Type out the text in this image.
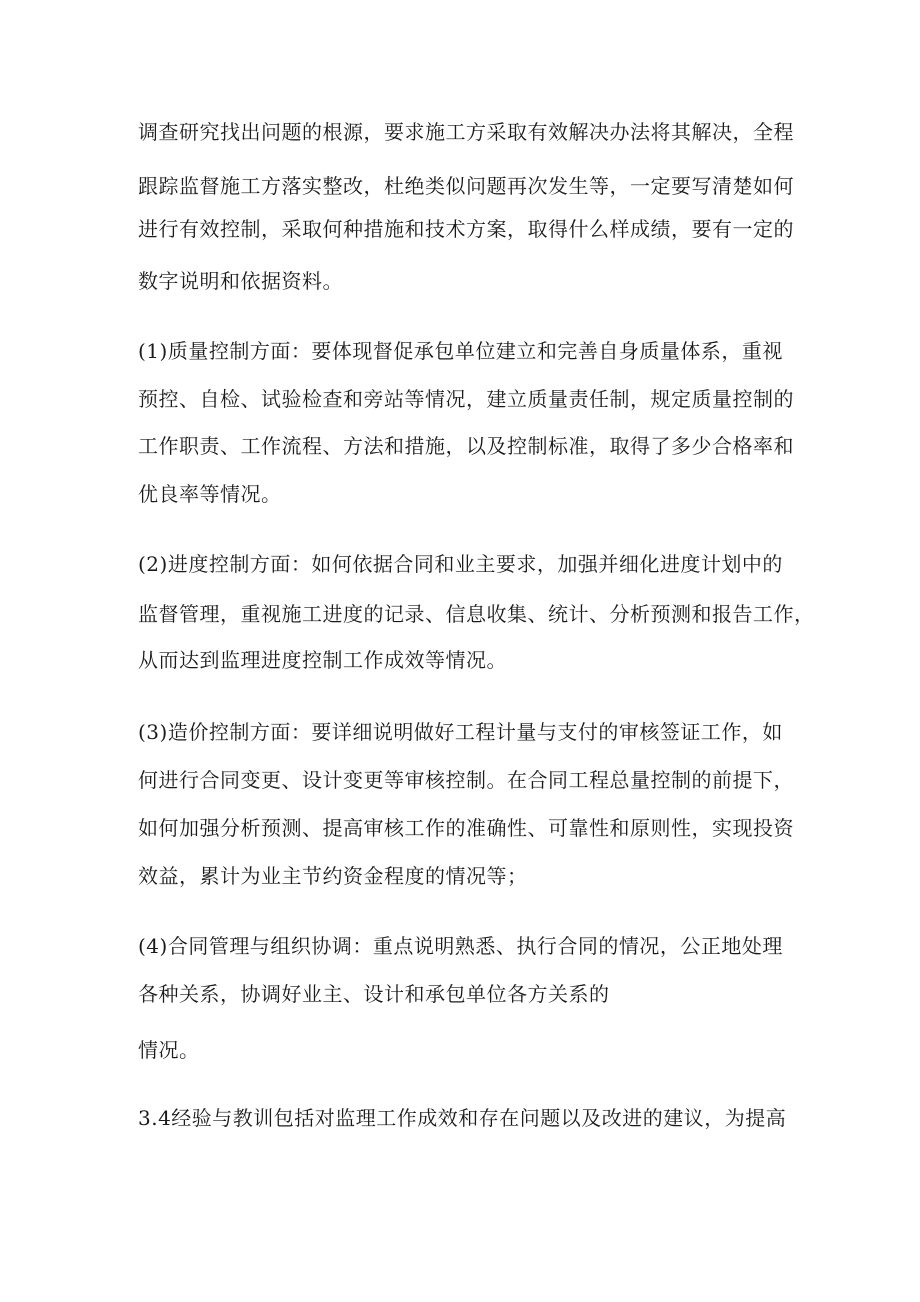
调查研究找出问题的根源，要求施工方采取有效解决办法将其解决，全程

跟踪监督施工方落实整改，杜绝类似问题再次发生等，一定要写清楚如何

进行有效控制，采取何种措施和技术方案，取得什么样成绩，要有一定的

数字说明和依据资料。

(1)质量控制方面：要体现督促承包单位建立和完善自身质量体系，重视

预控、自检、试验检查和旁站等情况，建立质量责任制，规定质量控制的

工作职责、工作流程、方法和措施，以及控制标准，取得了多少合格率和

优良率等情况。

(2)进度控制方面：如何依据合同和业主要求，加强并细化进度计划中的

监督管理，重视施工进度的记录、信息收集、统计、分析预测和报告工作，

从而达到监理进度控制工作成效等情况。

(3)造价控制方面：要详细说明做好工程计量与支付的审核签证工作，如

何进行合同变更、设计变更等审核控制。在合同工程总量控制的前提下，

如何加强分析预测、提高审核工作的准确性、可靠性和原则性，实现投资

效益，累计为业主节约资金程度的情况等；

(4)合同管理与组织协调：重点说明熟悉、执行合同的情况，公正地处理

各种关系，协调好业主、设计和承包单位各方关系的

情况。

3.4经验与教训包括对监理工作成效和存在问题以及改进的建议，为提高
